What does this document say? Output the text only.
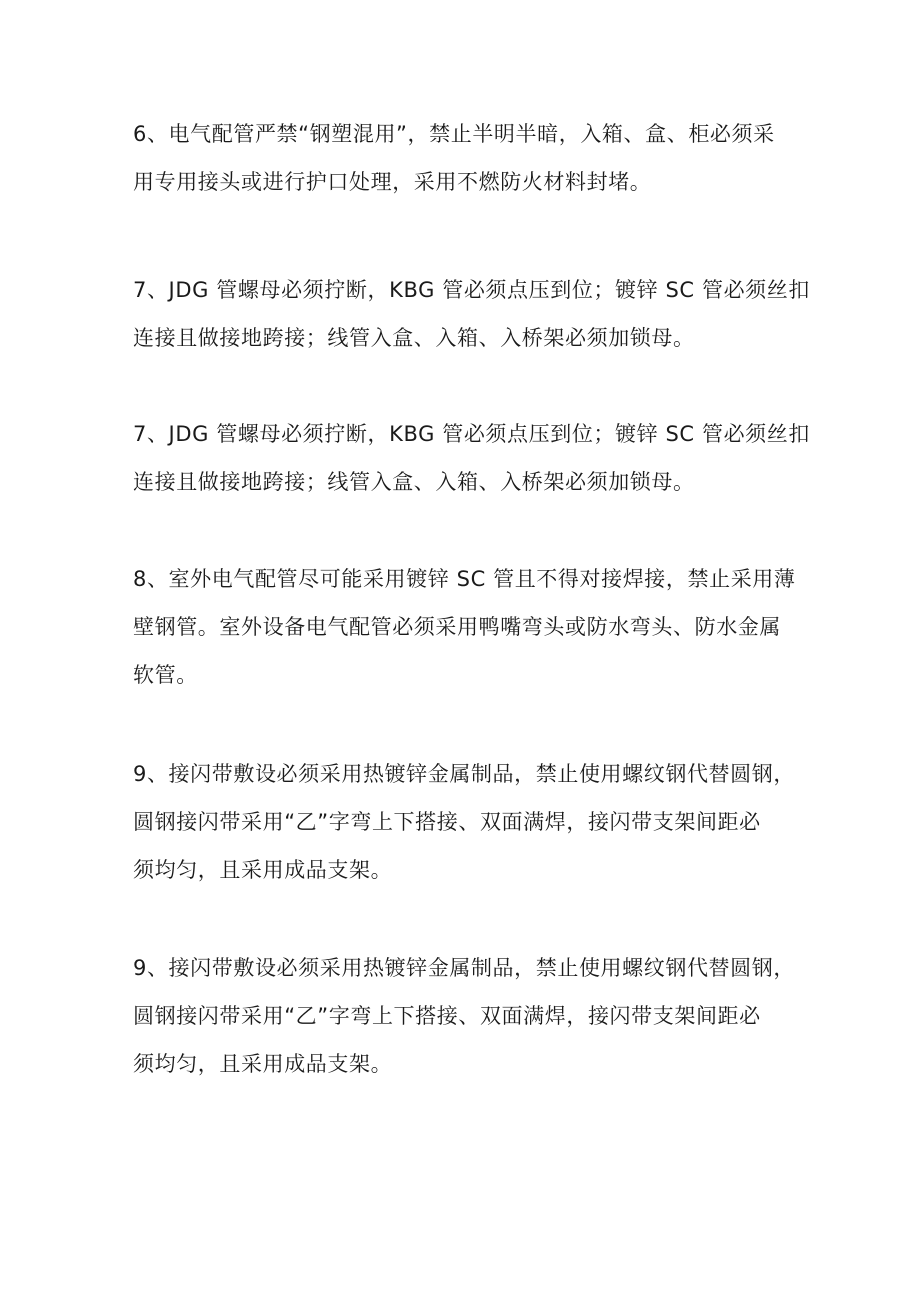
6、电气配管严禁“钢塑混用”，禁止半明半暗，入箱、盒、柜必须采
用专用接头或进行护口处理，采用不燃防火材料封堵。

7、JDG 管螺母必须拧断，KBG 管必须点压到位；镀锌 SC 管必须丝扣
连接且做接地跨接；线管入盒、入箱、入桥架必须加锁母。

7、JDG 管螺母必须拧断，KBG 管必须点压到位；镀锌 SC 管必须丝扣
连接且做接地跨接；线管入盒、入箱、入桥架必须加锁母。

8、室外电气配管尽可能采用镀锌 SC 管且不得对接焊接，禁止采用薄
壁钢管。室外设备电气配管必须采用鸭嘴弯头或防水弯头、防水金属
软管。

9、接闪带敷设必须采用热镀锌金属制品，禁止使用螺纹钢代替圆钢，
圆钢接闪带采用“乙”字弯上下搭接、双面满焊，接闪带支架间距必
须均匀，且采用成品支架。

9、接闪带敷设必须采用热镀锌金属制品，禁止使用螺纹钢代替圆钢，
圆钢接闪带采用“乙”字弯上下搭接、双面满焊，接闪带支架间距必
须均匀，且采用成品支架。
